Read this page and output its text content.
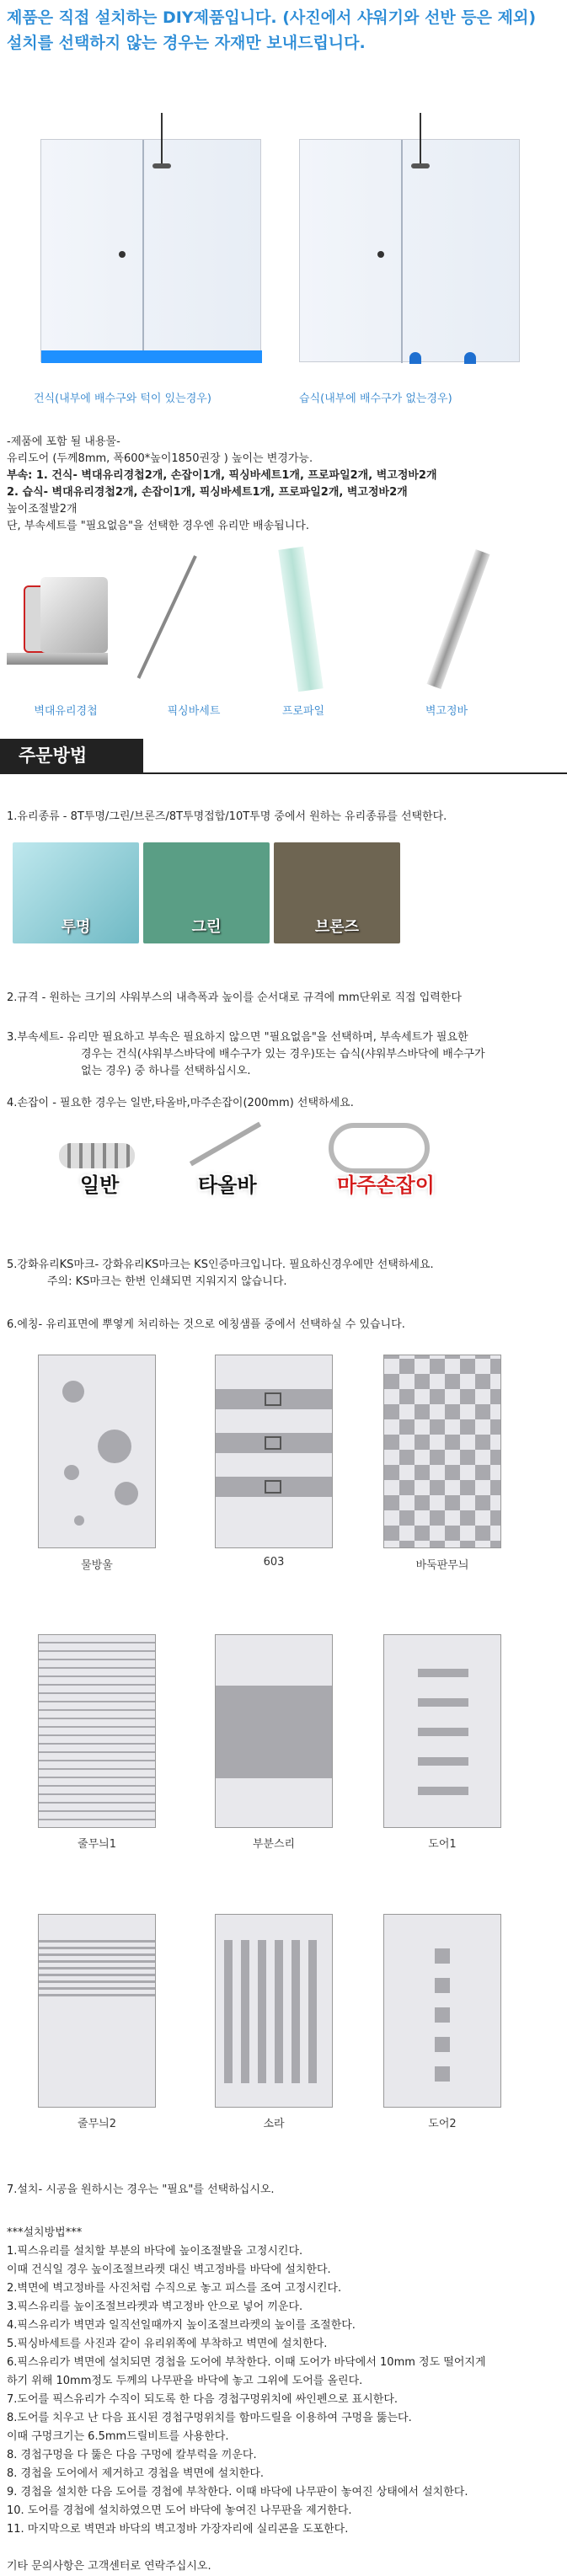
제품은 직접 설치하는 DIY제품입니다. (사진에서 샤워기와 선반 등은 제외)
설치를 선택하지 않는 경우는 자재만 보내드립니다.
건식(내부에 배수구와 턱이 있는경우)	습식(내부에 배수구가 없는경우)
-제품에 포함 될 내용물-
유리도어 (두께8mm, 폭600*높이1850권장 ) 높이는 변경가능.
부속: 1. 건식- 벽대유리경첩2개, 손잡이1개, 픽싱바세트1개, 프로파일2개, 벽고정바2개
2. 습식- 벽대유리경첩2개, 손잡이1개, 픽싱바세트1개, 프로파일2개, 벽고정바2개
높이조절발2개
단, 부속세트를 "필요없음"을 선택한 경우엔 유리만 배송됩니다.
벽대유리경첩	픽싱바세트	프로파일	벽고정바
주문방법
1.유리종류 - 8T투명/그린/브론즈/8T투명접합/10T투명 중에서 원하는 유리종류를 선택한다.
투명	그린	브론즈
2.규격 - 원하는 크기의 샤워부스의 내측폭과 높이를 순서대로 규격에 mm단위로 직접 입력한다
3.부속세트- 유리만 필요하고 부속은 필요하지 않으면 "필요없음"을 선택하며, 부속세트가 필요한
경우는 건식(샤워부스바닥에 배수구가 있는 경우)또는 습식(샤워부스바닥에 배수구가
없는 경우) 중 하나를 선택하십시오.
4.손잡이 - 필요한 경우는 일반,타올바,마주손잡이(200mm) 선택하세요.
일반	타올바	마주손잡이
5.강화유리KS마크- 강화유리KS마크는 KS인증마크입니다. 필요하신경우에만 선택하세요.
주의: KS마크는 한번 인쇄되면 지워지지 않습니다.
6.에칭- 유리표면에 뿌옇게 처리하는 것으로 에칭샘플 중에서 선택하실 수 있습니다.
물방울	603	바둑판무늬
줄무늬1	부분스리	도어1
줄무늬2	소라	도어2
7.설치- 시공을 원하시는 경우는 "필요"를 선택하십시오.
***설치방법***
1.픽스유리를 설치할 부분의 바닥에 높이조절발을 고정시킨다.
이때 건식일 경우 높이조절브라켓 대신 벽고정바를 바닥에 설치한다.
2.벽면에 벽고정바를 사진처럼 수직으로 놓고 피스를 조여 고정시킨다.
3.픽스유리를 높이조절브라켓과 벽고정바 안으로 넣어 끼운다.
4.픽스유리가 벽면과 일직선일때까지 높이조절브라켓의 높이를 조절한다.
5.픽싱바세트를 사진과 같이 유리위쪽에 부착하고 벽면에 설치한다.
6.픽스유리가 벽면에 설치되면 경첩을 도어에 부착한다. 이때 도어가 바닥에서 10mm 정도 떨어지게
하기 위해 10mm정도 두께의 나무판을 바닥에 놓고 그위에 도어를 올린다.
7.도어를 픽스유리가 수직이 되도록 한 다음 경첩구멍위치에 싸인펜으로 표시한다.
8.도어를 치우고 난 다음 표시된 경첩구멍위치를 함마드릴을 이용하여 구멍을 뚫는다.
이때 구멍크기는 6.5mm드릴비트를 사용한다.
8. 경첩구멍을 다 뚫은 다음 구멍에 칼부럭을 끼운다.
8. 경첩을 도어에서 제거하고 경첩을 벽면에 설치한다.
9. 경첩을 설치한 다음 도어를 경첩에 부착한다. 이때 바닥에 나무판이 놓여진 상태에서 설치한다.
10. 도어를 경첩에 설치하였으면 도어 바닥에 놓여진 나무판을 제거한다.
11. 마지막으로 벽면과 바닥의 벽고정바 가장자리에 실리콘을 도포한다.
기타 문의사항은 고객센터로 연락주십시오.
